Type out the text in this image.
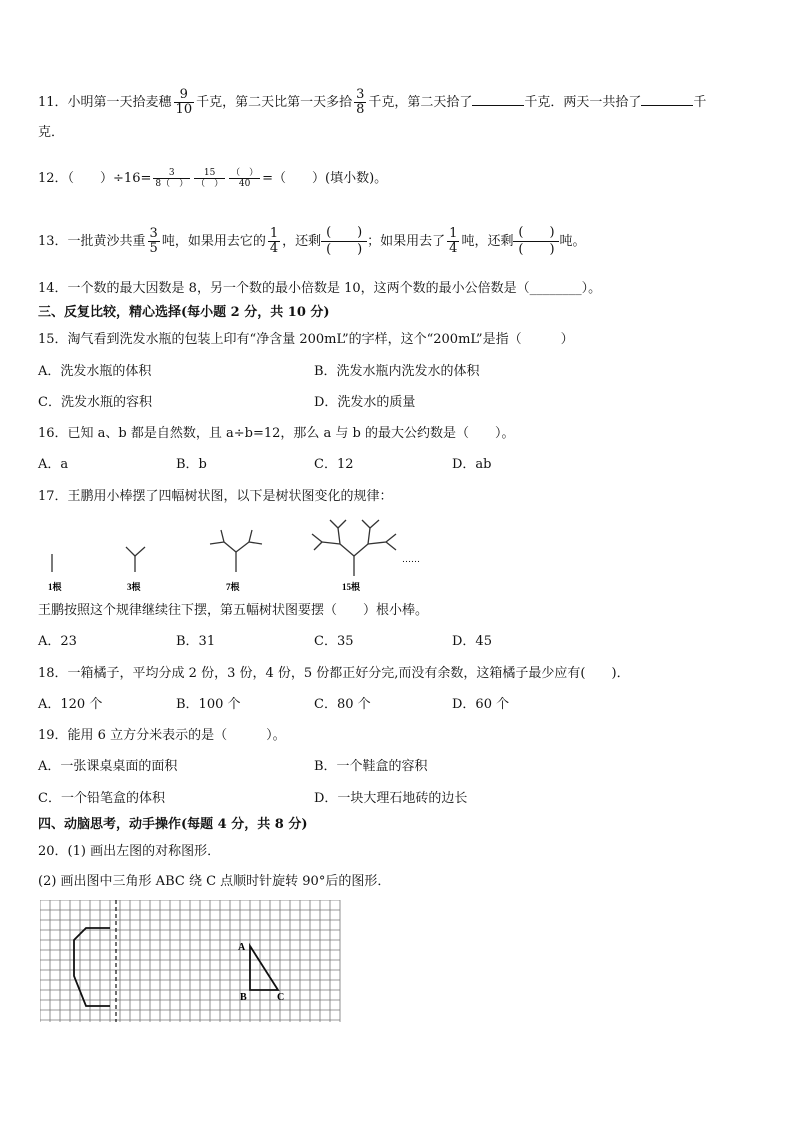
11．小明第一天拾麦穗 $\frac{9}{10}$ 千克，第二天比第一天多拾 $\frac{3}{8}$ 千克，第二天拾了	千克．两天一共拾了	千
克．
12．（　　）$\div 16= \frac{3}{8( )} \frac{15}{( )} \frac{( )}{40}$ =（　　）(填小数)。
13．一批黄沙共重 $\frac{3}{5}$ 吨，如果用去它的 $\frac{1}{4}$ ，还剩
(　　)
(　　)；如果用去了 $\frac{1}{4}$ 吨，还剩
(　　)
(　　)吨。
14．一个数的最大因数是 8，另一个数的最小倍数是 10，这两个数的最小公倍数是（________）。
三、反复比较，精心选择(每小题 2 分，共 10 分)
15．淘气看到洗发水瓶的包装上印有“净含量 200mL”的字样，这个“200mL”是指（　　　）
A．洗发水瓶的体积	B．洗发水瓶内洗发水的体积
C．洗发水瓶的容积	D．洗发水的质量
16．已知 a、b 都是自然数，且 a÷b=12，那么 a 与 b 的最大公约数是（　　）。
A．a	B．b	C．12	D．ab
17．王鹏用小棒摆了四幅树状图，以下是树状图变化的规律：
1根	3根	7根	15根
……
王鹏按照这个规律继续往下摆，第五幅树状图要摆（　　）根小棒。
A．23	B．31	C．35	D．45
18．一箱橘子，平均分成 2 份，3 份，4 份，5 份都正好分完,而没有余数，这箱橘子最少应有(　　)．
A．120 个	B．100 个	C．80 个	D．60 个
19．能用 6 立方分米表示的是（　　　）。
A．一张课桌桌面的面积	B．一个鞋盒的容积
C．一个铅笔盒的体积	D．一块大理石地砖的边长
四、动脑思考，动手操作(每题 4 分，共 8 分)
20．(1) 画出左图的对称图形．
(2) 画出图中三角形 ABC 绕 C 点顺时针旋转 90°后的图形．
A
B	C
